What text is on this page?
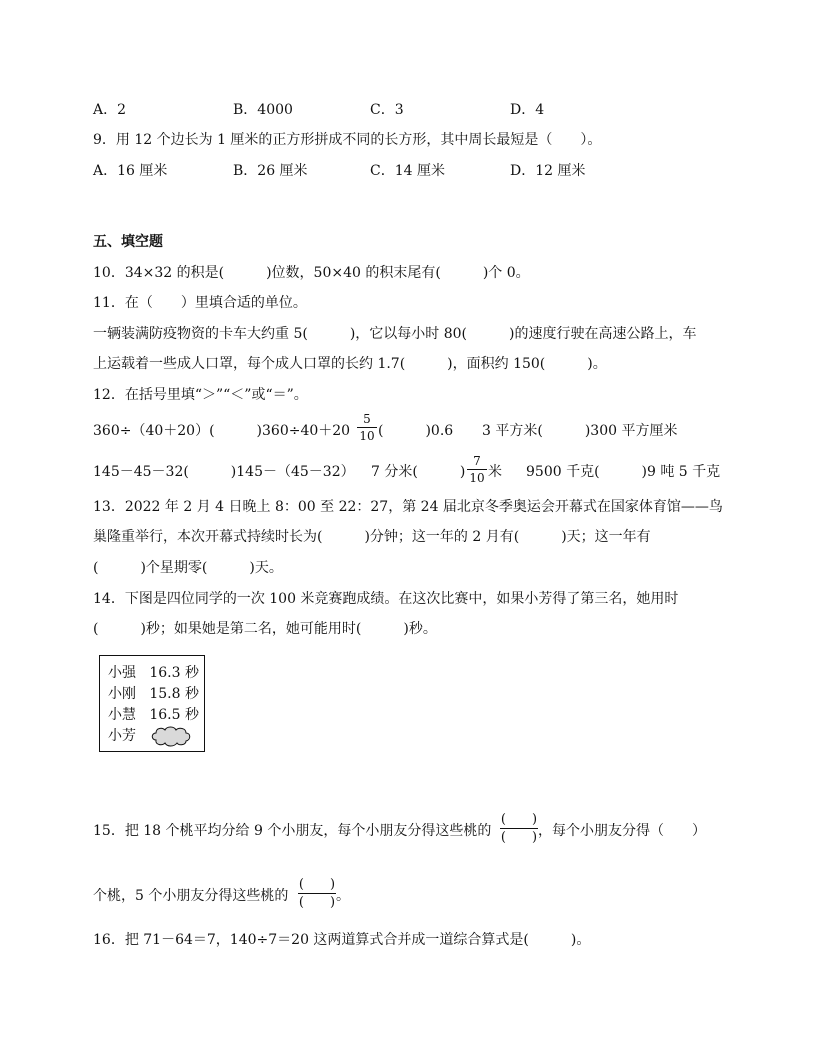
A．2	B．4000	C．3	D．4
9．用 12 个边长为 1 厘米的正方形拼成不同的长方形，其中周长最短是（　　）。
A．16 厘米	B．26 厘米	C．14 厘米	D．12 厘米
五、填空题
10．34×32 的积是(　　　)位数，50×40 的积末尾有(　　　)个 0。
11．在（　　）里填合适的单位。
一辆装满防疫物资的卡车大约重 5(　　　)，它以每小时 80(　　　)的速度行驶在高速公路上，车
上运载着一些成人口罩，每个成人口罩的长约 1.7(　　　)，面积约 150(　　　)。
12．在括号里填“＞”“＜”或“＝”。
360÷（40＋20）(　　　)360÷40＋20
5
10 (　　　)0.6 3 平方米(　　　)300 平方厘米
145－45－32(　　　)145－（45－32） 7 分米(　　　)
7
10 米 9500 千克(　　　)9 吨 5 千克
13．2022 年 2 月 4 日晚上 8：00 至 22：27，第 24 届北京冬季奥运会开幕式在国家体育馆——鸟
巢隆重举行，本次开幕式持续时长为(　　　)分钟；这一年的 2 月有(　　　)天；这一年有
(　　　)个星期零(　　　)天。
14．下图是四位同学的一次 100 米竞赛跑成绩。在这次比赛中，如果小芳得了第三名，她用时
(　　　)秒；如果她是第二名，她可能用时(　　　)秒。
小强 16.3 秒
小刚 15.8 秒
小慧 16.5 秒
小芳
15．把 18 个桃平均分给 9 个小朋友，每个小朋友分得这些桃的
(　　)
(　　) ，每个小朋友分得（　　）
个桃，5 个小朋友分得这些桃的
(　　)
(　　) 。
16．把 71－64＝7，140÷7＝20 这两道算式合并成一道综合算式是(　　　)。
